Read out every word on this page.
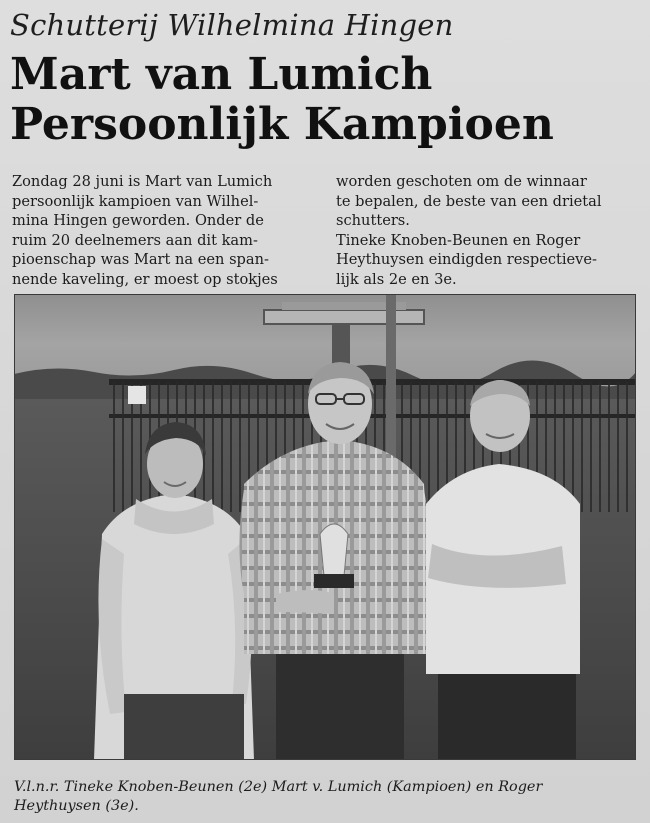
Schutterij Wilhelmina Hingen
Mart van Lumich
Persoonlijk Kampioen
Zondag 28 juni is Mart van Lumich
persoonlijk kampioen van Wilhel-
mina Hingen geworden. Onder de
ruim 20 deelnemers aan dit kam-
pioenschap was Mart na een span-
nende kaveling, er moest op stokjes
worden geschoten om de winnaar
te bepalen, de beste van een drietal
schutters.
Tineke Knoben-Beunen en Roger
Heythuysen eindigden respectieve-
lijk als 2e en 3e.
V.l.n.r. Tineke Knoben-Beunen (2e) Mart v. Lumich (Kampioen) en Roger
Heythuysen (3e).
